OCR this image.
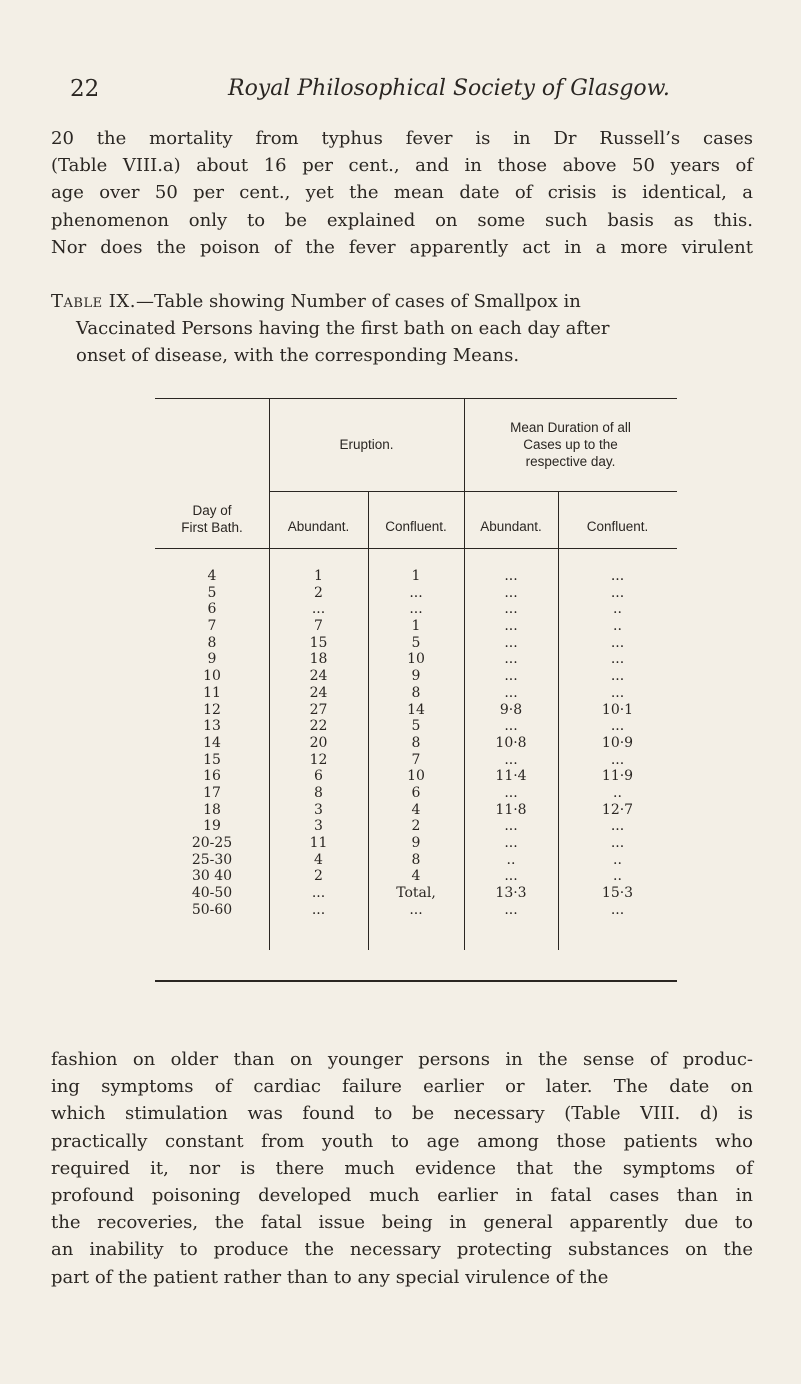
22	Royal Philosophical Society of Glasgow.
20 the mortality from typhus fever is in Dr Russell’s cases
(Table VIII.a) about 16 per cent., and in those above 50 years of
age over 50 per cent., yet the mean date of crisis is identical, a
phenomenon only to be explained on some such basis as this.
Nor does the poison of the fever apparently act in a more virulent
Table IX.—Table showing Number of cases of Smallpox in
Vaccinated Persons having the first bath on each day after
onset of disease, with the corresponding Means.
Day of
First Bath.
Eruption.
Mean Duration of all
Cases up to the
respective day.
Abundant.	Confluent.	Abundant.	Confluent.
4	1	1	...	...
5	2	...	...	...
6	...	...	...	..
7	7	1	...	..
8	15	5	...	...
9	18	10	...	...
10	24	9	...	...
11	24	8	...	...
12	27	14	9·8	10·1
13	22	5	...	...
14	20	8	10·8	10·9
15	12	7	...	...
16	6	10	11·4	11·9
17	8	6	...	..
18	3	4	11·8	12·7
19	3	2	...	...
20-25	11	9	...	...
25-30	4	8	..	..
30 40	2	4	...	..
40-50	...	Total,	13·3	15·3
50-60	...	...	...	...
fashion on older than on younger persons in the sense of produc-
ing symptoms of cardiac failure earlier or later. The date on
which stimulation was found to be necessary (Table VIII. d) is
practically constant from youth to age among those patients who
required it, nor is there much evidence that the symptoms of
profound poisoning developed much earlier in fatal cases than in
the recoveries, the fatal issue being in general apparently due to
an inability to produce the necessary protecting substances on the
part of the patient rather than to any special virulence of the
